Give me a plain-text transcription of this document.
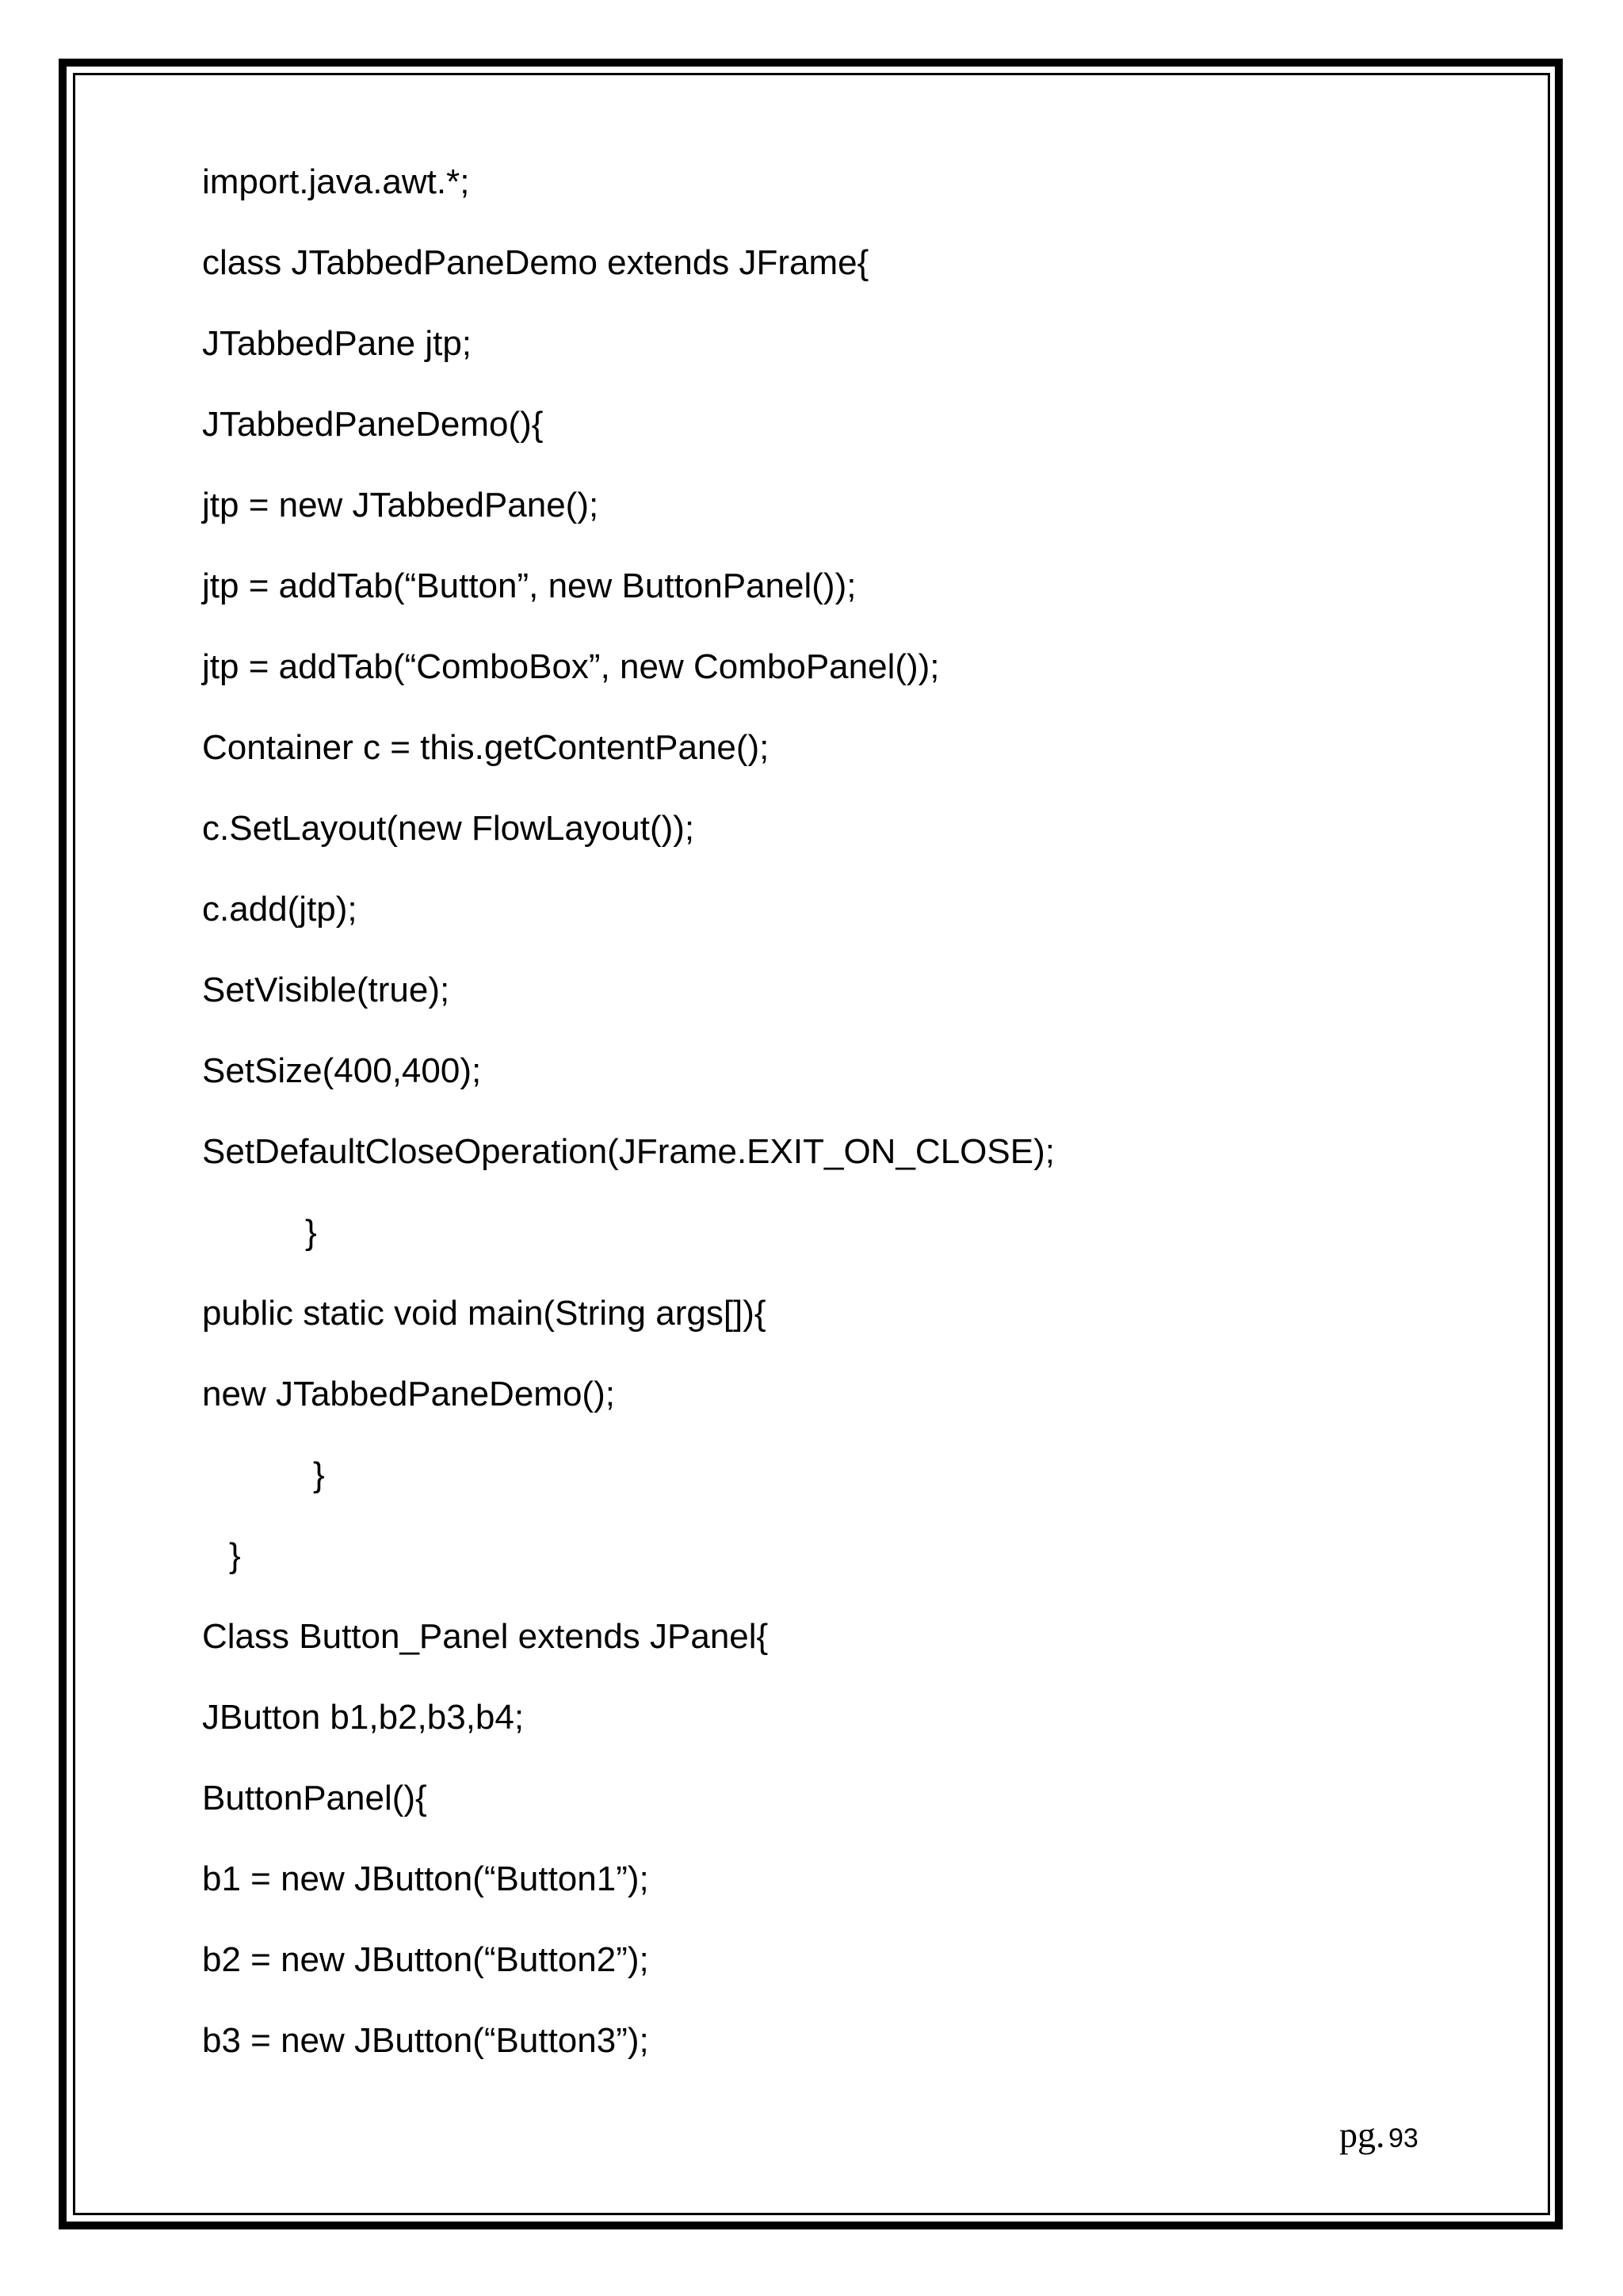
import.java.awt.*;
class JTabbedPaneDemo extends JFrame{
JTabbedPane jtp;
JTabbedPaneDemo(){
jtp = new JTabbedPane();
jtp = addTab(“Button”, new ButtonPanel());
jtp = addTab(“ComboBox”, new ComboPanel());
Container c = this.getContentPane();
c.SetLayout(new FlowLayout());
c.add(jtp);
SetVisible(true);
SetSize(400,400);
SetDefaultCloseOperation(JFrame.EXIT_ON_CLOSE);
}
public static void main(String args[]){
new JTabbedPaneDemo();
}
}
Class Button_Panel extends JPanel{
JButton b1,b2,b3,b4;
ButtonPanel(){
b1 = new JButton(“Button1”);
b2 = new JButton(“Button2”);
b3 = new JButton(“Button3”);
pg. 93
